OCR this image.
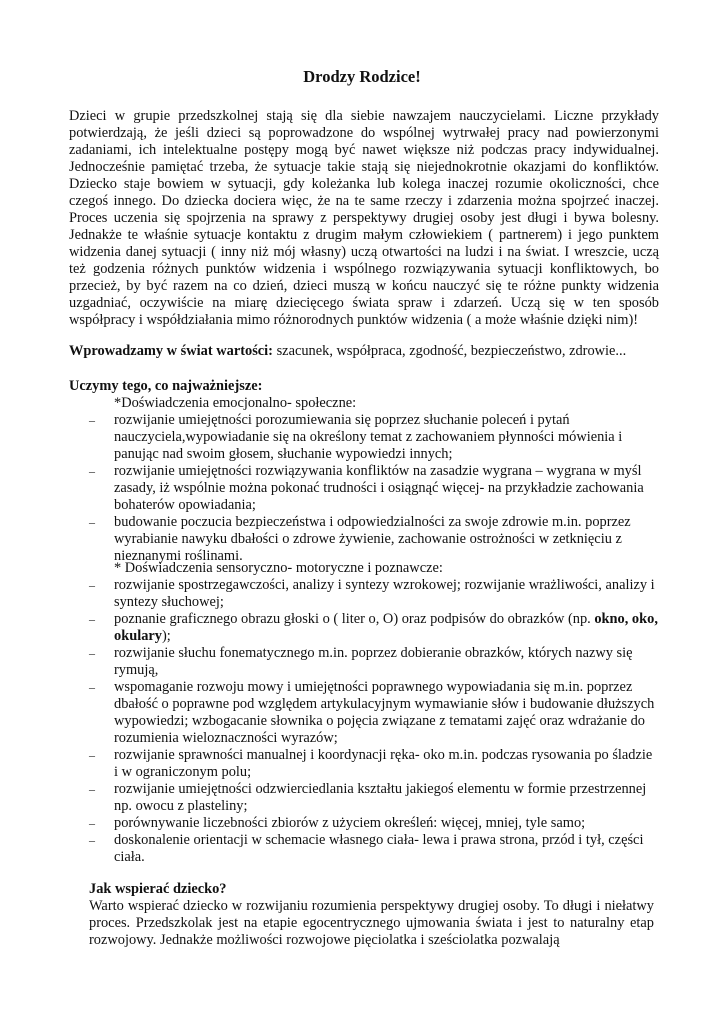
Drodzy Rodzice!

Dzieci w grupie przedszkolnej stają się dla siebie nawzajem nauczycielami. Liczne przykłady potwierdzają, że jeśli dzieci są poprowadzone do wspólnej wytrwałej pracy nad powierzonymi zadaniami, ich intelektualne postępy mogą być nawet większe niż podczas pracy indywidualnej. Jednocześnie pamiętać trzeba, że sytuacje takie stają się niejednokrotnie okazjami do konfliktów. Dziecko staje bowiem w sytuacji, gdy koleżanka lub kolega inaczej rozumie okoliczności, chce czegoś innego. Do dziecka dociera więc, że na te same rzeczy i zdarzenia można spojrzeć inaczej. Proces uczenia się spojrzenia na sprawy z perspektywy drugiej osoby jest długi i bywa bolesny. Jednakże te właśnie sytuacje kontaktu z drugim małym człowiekiem ( partnerem) i jego punktem widzenia danej sytuacji ( inny niż mój własny) uczą otwartości na ludzi i na świat. I wreszcie, uczą też godzenia różnych punktów widzenia i wspólnego rozwiązywania sytuacji konfliktowych, bo przecież, by być razem na co dzień, dzieci muszą w końcu nauczyć się te różne punkty widzenia uzgadniać, oczywiście na miarę dziecięcego świata spraw i zdarzeń. Uczą się w ten sposób współpracy i współdziałania mimo różnorodnych punktów widzenia ( a może właśnie dzięki nim)!

Wprowadzamy w świat wartości: szacunek, współpraca, zgodność, bezpieczeństwo, zdrowie...

Uczymy tego, co najważniejsze:

*Doświadczenia emocjonalno- społeczne:

– rozwijanie umiejętności porozumiewania się poprzez słuchanie poleceń i pytań nauczyciela,wypowiadanie się na określony temat z zachowaniem płynności mówienia i panując nad swoim głosem, słuchanie wypowiedzi innych;
– rozwijanie umiejętności rozwiązywania konfliktów na zasadzie wygrana – wygrana w myśl zasady, iż wspólnie można pokonać trudności i osiągnąć więcej- na przykładzie zachowania bohaterów opowiadania;
– budowanie poczucia bezpieczeństwa i odpowiedzialności za swoje zdrowie m.in. poprzez wyrabianie nawyku dbałości o zdrowe żywienie, zachowanie ostrożności w zetknięciu z nieznanymi roślinami.

* Doświadczenia sensoryczno- motoryczne i poznawcze:

– rozwijanie spostrzegawczości, analizy i syntezy wzrokowej; rozwijanie wrażliwości, analizy i syntezy słuchowej;
– poznanie graficznego obrazu głoski o ( liter o, O) oraz podpisów do obrazków (np. okno, oko, okulary);
– rozwijanie słuchu fonematycznego m.in. poprzez dobieranie obrazków, których nazwy się rymują,
– wspomaganie rozwoju mowy i umiejętności poprawnego wypowiadania się m.in. poprzez dbałość o poprawne pod względem artykulacyjnym wymawianie słów i budowanie dłuższych wypowiedzi; wzbogacanie słownika o pojęcia związane z tematami zajęć oraz wdrażanie do rozumienia wieloznaczności wyrazów;
– rozwijanie sprawności manualnej i koordynacji ręka- oko m.in. podczas rysowania po śladzie i w ograniczonym polu;
– rozwijanie umiejętności odzwierciedlania kształtu jakiegoś elementu w formie przestrzennej np. owocu z plasteliny;
– porównywanie liczebności zbiorów z użyciem określeń: więcej, mniej, tyle samo;
– doskonalenie orientacji w schemacie własnego ciała- lewa i prawa strona, przód i tył, części ciała.

Jak wspierać dziecko?

Warto wspierać dziecko w rozwijaniu rozumienia perspektywy drugiej osoby. To długi i niełatwy proces. Przedszkolak jest na etapie egocentrycznego ujmowania świata i jest to naturalny etap rozwojowy. Jednakże możliwości rozwojowe pięciolatka i sześciolatka pozwalają
